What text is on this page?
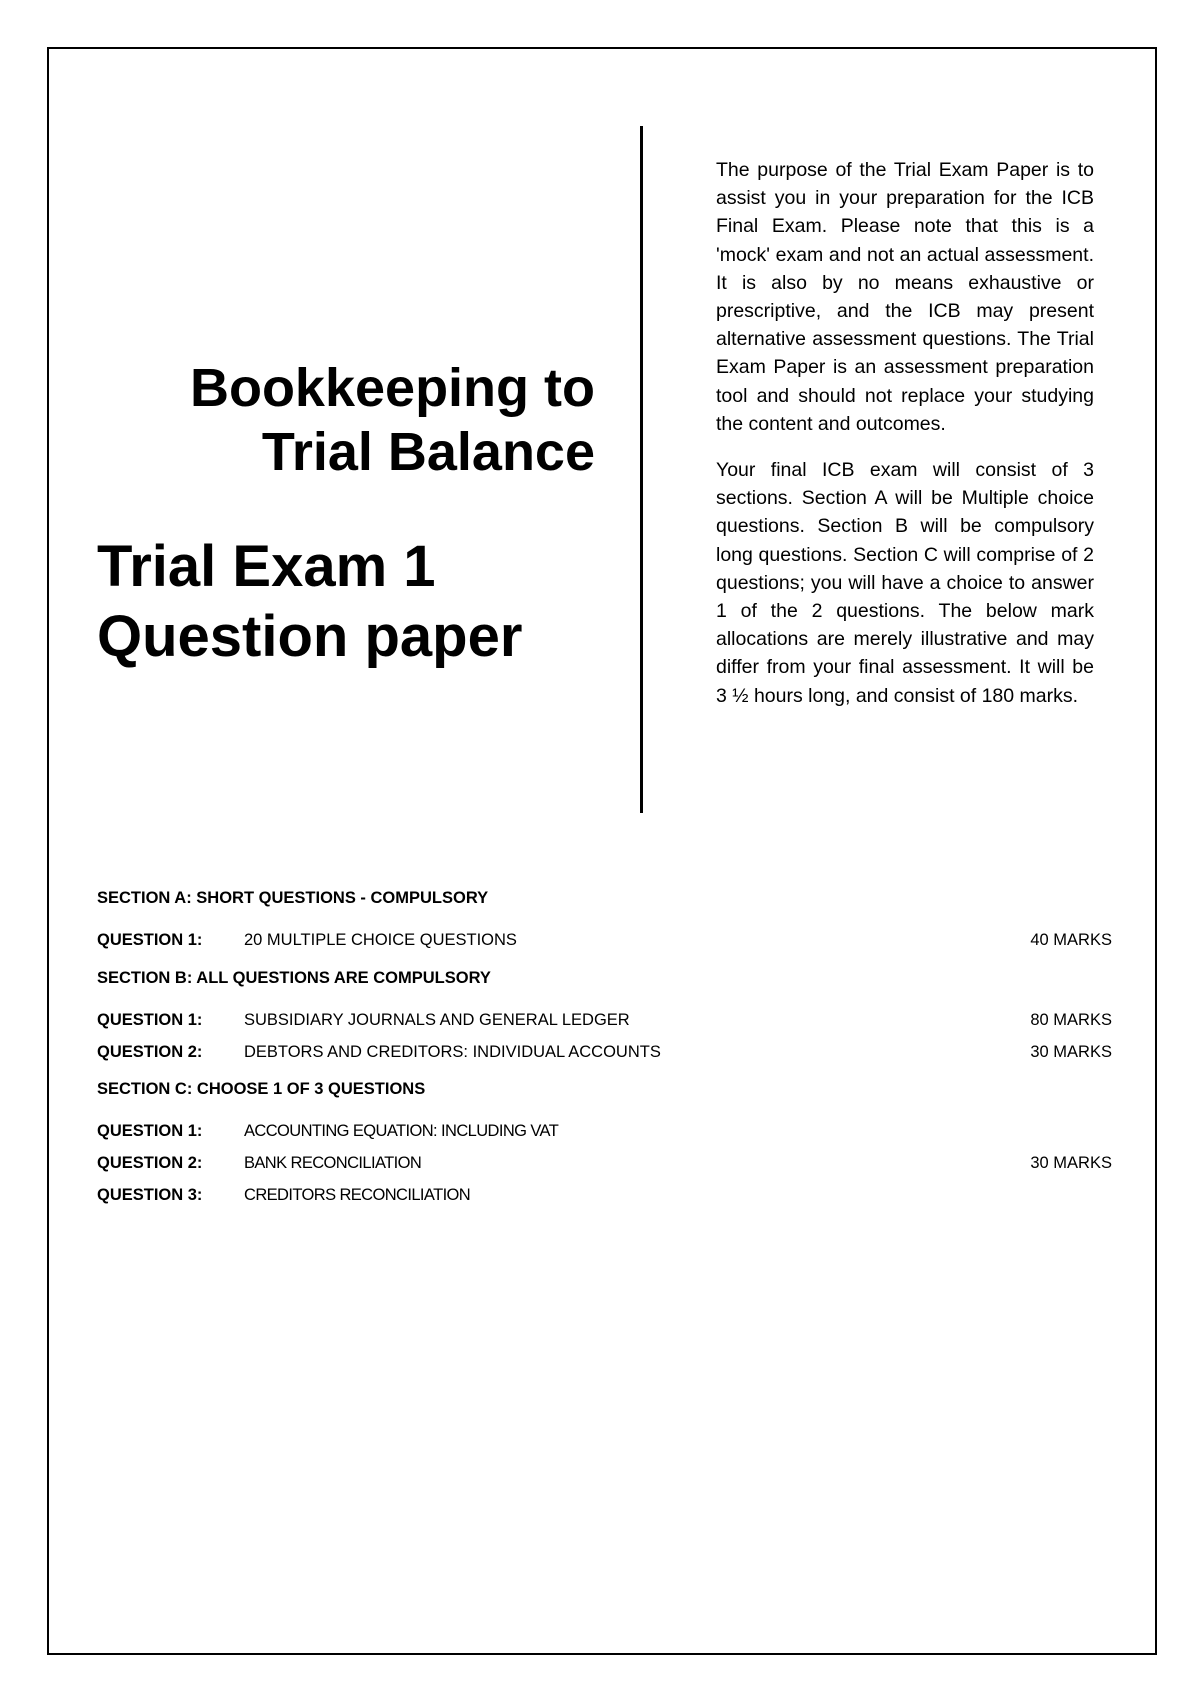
Bookkeeping to
Trial Balance
Trial Exam 1
Question paper

The purpose of the Trial Exam Paper is to assist you in your preparation for the ICB Final Exam. Please note that this is a 'mock' exam and not an actual assessment. It is also by no means exhaustive or prescriptive, and the ICB may present alternative assessment questions. The Trial Exam Paper is an assessment preparation tool and should not replace your studying the content and outcomes.

Your final ICB exam will consist of 3 sections. Section A will be Multiple choice questions. Section B will be compulsory long questions. Section C will comprise of 2 questions; you will have a choice to answer 1 of the 2 questions. The below mark allocations are merely illustrative and may differ from your final assessment. It will be 3 ½ hours long, and consist of 180 marks.

SECTION A: SHORT QUESTIONS - COMPULSORY
QUESTION 1:	20 MULTIPLE CHOICE QUESTIONS	40 MARKS
SECTION B: ALL QUESTIONS ARE COMPULSORY
QUESTION 1:	SUBSIDIARY JOURNALS AND GENERAL LEDGER	80 MARKS
QUESTION 2:	DEBTORS AND CREDITORS: INDIVIDUAL ACCOUNTS	30 MARKS
SECTION C: CHOOSE 1 OF 3 QUESTIONS
QUESTION 1:	ACCOUNTING EQUATION: INCLUDING VAT
QUESTION 2:	BANK RECONCILIATION	30 MARKS
QUESTION 3:	CREDITORS RECONCILIATION
